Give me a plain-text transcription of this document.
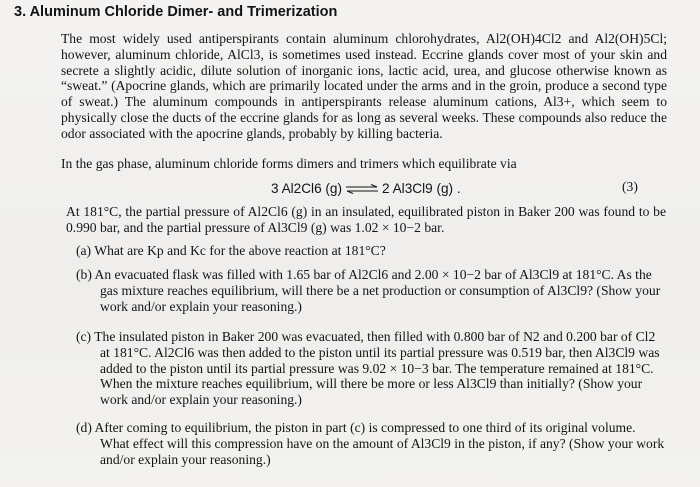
3. Aluminum Chloride Dimer- and Trimerization
The most widely used antiperspirants contain aluminum chlorohydrates, Al2(OH)4Cl2 and Al2(OH)5Cl; however, aluminum chloride, AlCl3, is sometimes used instead. Eccrine glands cover most of your skin and secrete a slightly acidic, dilute solution of inorganic ions, lactic acid, urea, and glucose otherwise known as “sweat.” (Apocrine glands, which are primarily located under the arms and in the groin, produce a second type of sweat.) The aluminum compounds in antiperspirants release aluminum cations, Al3+, which seem to physically close the ducts of the eccrine glands for as long as several weeks. These compounds also reduce the odor associated with the apocrine glands, probably by killing bacteria.
In the gas phase, aluminum chloride forms dimers and trimers which equilibrate via
3 Al2Cl6 (g) ⇌ 2 Al3Cl9 (g) .	(3)
At 181°C, the partial pressure of Al2Cl6 (g) in an insulated, equilibrated piston in Baker 200 was found to be 0.990 bar, and the partial pressure of Al3Cl9 (g) was 1.02 × 10−2 bar.
(a) What are Kp and Kc for the above reaction at 181°C?
(b) An evacuated flask was filled with 1.65 bar of Al2Cl6 and 2.00 × 10−2 bar of Al3Cl9 at 181°C. As the gas mixture reaches equilibrium, will there be a net production or consumption of Al3Cl9? (Show your work and/or explain your reasoning.)
(c) The insulated piston in Baker 200 was evacuated, then filled with 0.800 bar of N2 and 0.200 bar of Cl2 at 181°C. Al2Cl6 was then added to the piston until its partial pressure was 0.519 bar, then Al3Cl9 was added to the piston until its partial pressure was 9.02 × 10−3 bar. The temperature remained at 181°C. When the mixture reaches equilibrium, will there be more or less Al3Cl9 than initially? (Show your work and/or explain your reasoning.)
(d) After coming to equilibrium, the piston in part (c) is compressed to one third of its original volume. What effect will this compression have on the amount of Al3Cl9 in the piston, if any? (Show your work and/or explain your reasoning.)
